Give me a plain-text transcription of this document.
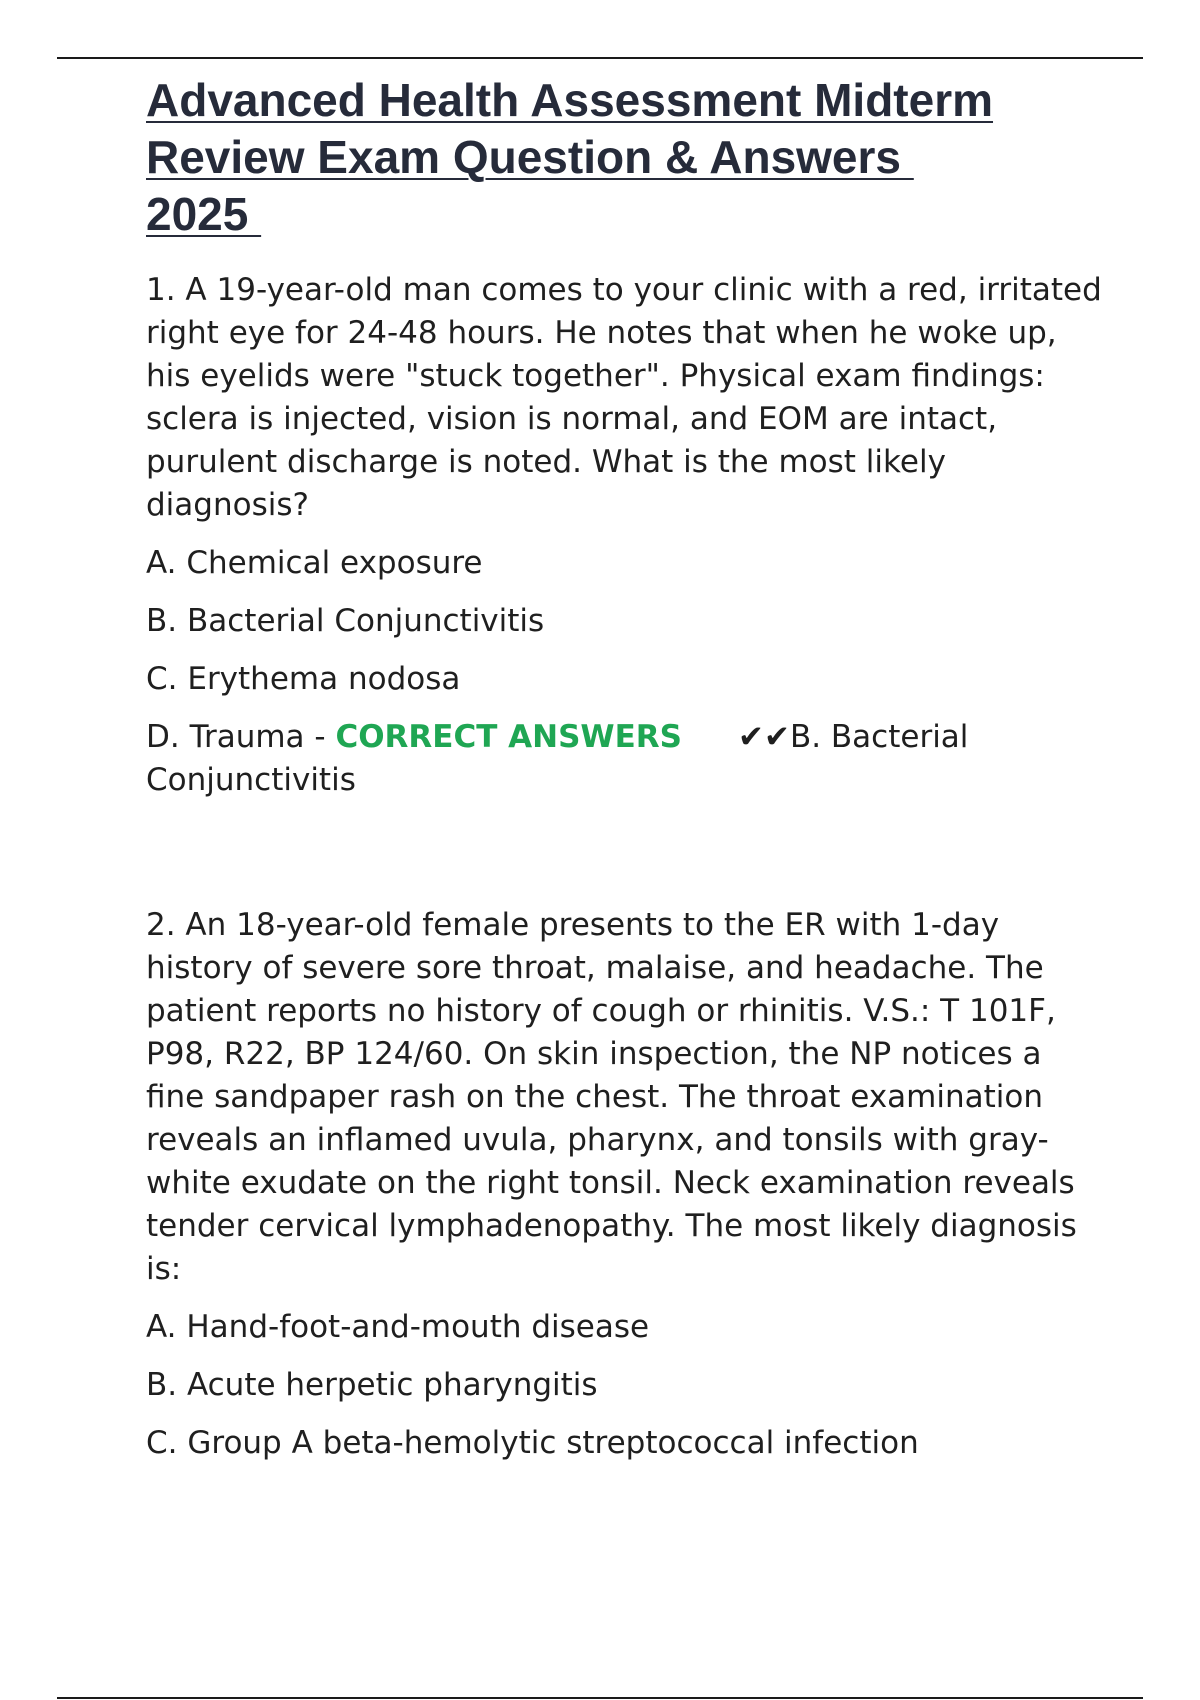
Advanced Health Assessment Midterm
Review Exam Question & Answers
2025

1. A 19-year-old man comes to your clinic with a red, irritated right eye for 24-48 hours. He notes that when he woke up, his eyelids were "stuck together". Physical exam findings: sclera is injected, vision is normal, and EOM are intact, purulent discharge is noted. What is the most likely diagnosis?

A. Chemical exposure

B. Bacterial Conjunctivitis

C. Erythema nodosa

D. Trauma - CORRECT ANSWERS ✔✔B. Bacterial Conjunctivitis

2. An 18-year-old female presents to the ER with 1-day history of severe sore throat, malaise, and headache. The patient reports no history of cough or rhinitis. V.S.: T 101F, P98, R22, BP 124/60. On skin inspection, the NP notices a fine sandpaper rash on the chest. The throat examination reveals an inflamed uvula, pharynx, and tonsils with gray-white exudate on the right tonsil. Neck examination reveals tender cervical lymphadenopathy. The most likely diagnosis is:

A. Hand-foot-and-mouth disease

B. Acute herpetic pharyngitis

C. Group A beta-hemolytic streptococcal infection
